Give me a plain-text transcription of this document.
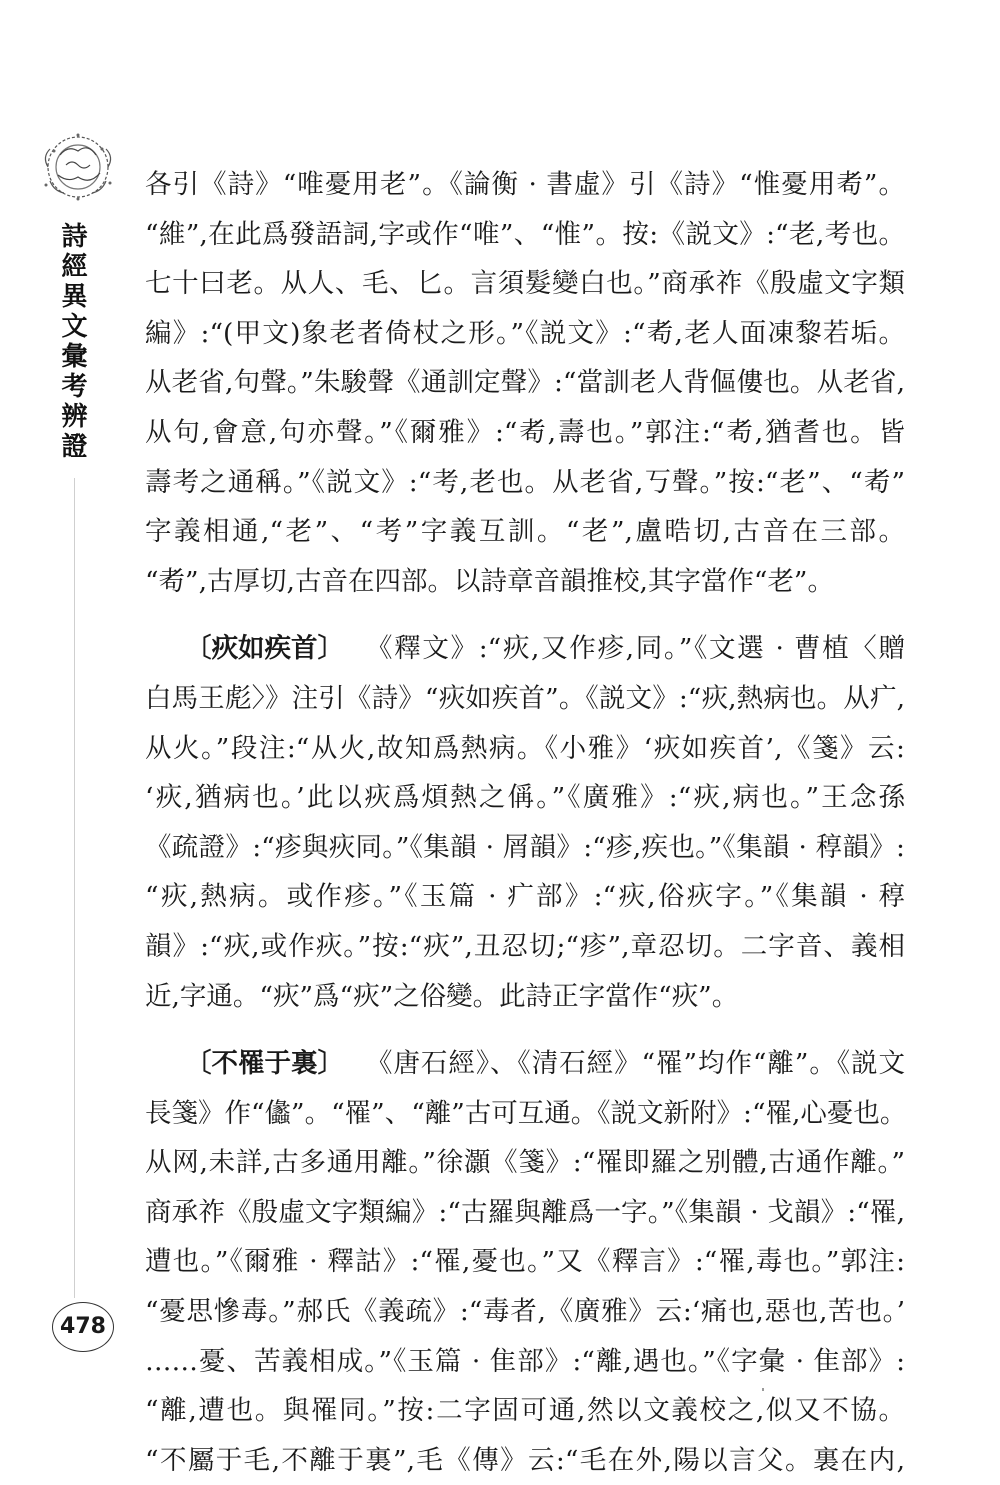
詩經異文彙考辨證
478
各引《詩》“唯憂用老”。《論衡 · 書虛》引《詩》“惟憂用耇”。
“維”,在此爲發語詞,字或作“唯”、“惟”。按:《説文》:“老,考也。
七十曰老。从人、毛、匕。言須髮變白也。”商承祚《殷虛文字類
編》:“(甲文)象老者倚杖之形。”《説文》:“耇,老人面凍黎若垢。
从老省,句聲。”朱駿聲《通訓定聲》:“當訓老人背傴僂也。从老省,
从句,會意,句亦聲。”《爾雅》:“耇,壽也。”郭注:“耇,猶耆也。皆
壽考之通稱。”《説文》:“考,老也。从老省,丂聲。”按:“老”、“耇”
字義相通,“老”、“考”字義互訓。“老”,盧晧切,古音在三部。
“耇”,古厚切,古音在四部。以詩章音韻推校,其字當作“老”。
〔疢如疾首〕 《釋文》:“疢,又作疹,同。”《文選 · 曹植〈贈
白馬王彪〉》注引《詩》“疢如疾首”。《説文》:“疢,熱病也。从疒,
从火。”段注:“从火,故知爲熱病。《小雅》‘疢如疾首’,《箋》云:
‘疢,猶病也。’此以疢爲煩熱之偁。”《廣雅》:“疢,病也。”王念孫
《疏證》:“疹與疢同。”《集韻 · 屑韻》:“疹,疾也。”《集韻 · 稕韻》:
“疢,熱病。或作疹。”《玉篇 · 疒部》:“疢,俗疢字。”《集韻 · 稕
韻》:“疢,或作疢。”按:“疢”,丑忍切;“疹”,章忍切。二字音、義相
近,字通。“疢”爲“疢”之俗變。此詩正字當作“疢”。
〔不罹于裏〕 《唐石經》、《清石經》“罹”均作“離”。《説文
長箋》作“㒩”。“罹”、“離”古可互通。《説文新附》:“罹,心憂也。
从网,未詳,古多通用離。”徐灝《箋》:“罹即羅之别體,古通作離。”
商承祚《殷虛文字類編》:“古羅與離爲一字。”《集韻 · 戈韻》:“罹,
遭也。”《爾雅 · 釋詁》:“罹,憂也。”又《釋言》:“罹,毒也。”郭注:
“憂思慘毒。”郝氏《義疏》:“毒者,《廣雅》云:‘痛也,惡也,苦也。’
……憂、苦義相成。”《玉篇 · 隹部》:“離,遇也。”《字彙 · 隹部》:
“離,遭也。與罹同。”按:二字固可通,然以文義校之,似又不協。
“不屬于毛,不離于裏”,毛《傳》云:“毛在外,陽以言父。裏在内,
